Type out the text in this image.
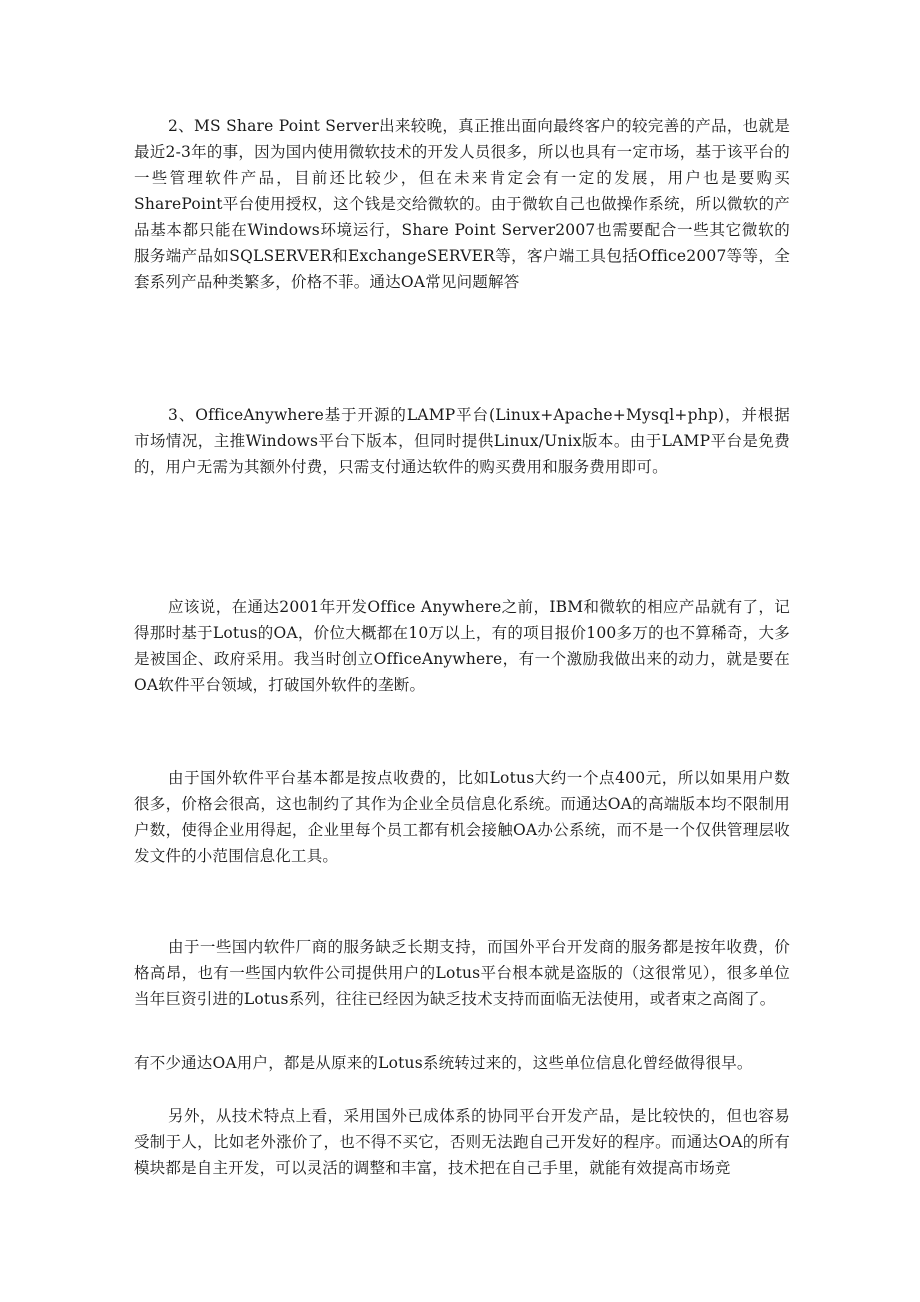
2、MS Share Point Server出来较晚，真正推出面向最终客户的较完善的产品，也就是最近2-3年的事，因为国内使用微软技术的开发人员很多，所以也具有一定市场，基于该平台的一些管理软件产品，目前还比较少，但在未来肯定会有一定的发展，用户也是要购买SharePoint平台使用授权，这个钱是交给微软的。由于微软自己也做操作系统，所以微软的产品基本都只能在Windows环境运行，Share Point Server2007也需要配合一些其它微软的服务端产品如SQLSERVER和ExchangeSERVER等，客户端工具包括Office2007等等，全套系列产品种类繁多，价格不菲。通达OA常见问题解答

3、OfficeAnywhere基于开源的LAMP平台(Linux+Apache+Mysql+php)，并根据市场情况，主推Windows平台下版本，但同时提供Linux/Unix版本。由于LAMP平台是免费的，用户无需为其额外付费，只需支付通达软件的购买费用和服务费用即可。

应该说，在通达2001年开发Office Anywhere之前，IBM和微软的相应产品就有了，记得那时基于Lotus的OA，价位大概都在10万以上，有的项目报价100多万的也不算稀奇，大多是被国企、政府采用。我当时创立OfficeAnywhere，有一个激励我做出来的动力，就是要在OA软件平台领域，打破国外软件的垄断。

由于国外软件平台基本都是按点收费的，比如Lotus大约一个点400元，所以如果用户数很多，价格会很高，这也制约了其作为企业全员信息化系统。而通达OA的高端版本均不限制用户数，使得企业用得起，企业里每个员工都有机会接触OA办公系统，而不是一个仅供管理层收发文件的小范围信息化工具。

由于一些国内软件厂商的服务缺乏长期支持，而国外平台开发商的服务都是按年收费，价格高昂，也有一些国内软件公司提供用户的Lotus平台根本就是盗版的（这很常见），很多单位当年巨资引进的Lotus系列，往往已经因为缺乏技术支持而面临无法使用，或者束之高阁了。

有不少通达OA用户，都是从原来的Lotus系统转过来的，这些单位信息化曾经做得很早。

另外，从技术特点上看，采用国外已成体系的协同平台开发产品，是比较快的，但也容易受制于人，比如老外涨价了，也不得不买它，否则无法跑自己开发好的程序。而通达OA的所有模块都是自主开发，可以灵活的调整和丰富，技术把在自己手里，就能有效提高市场竞
